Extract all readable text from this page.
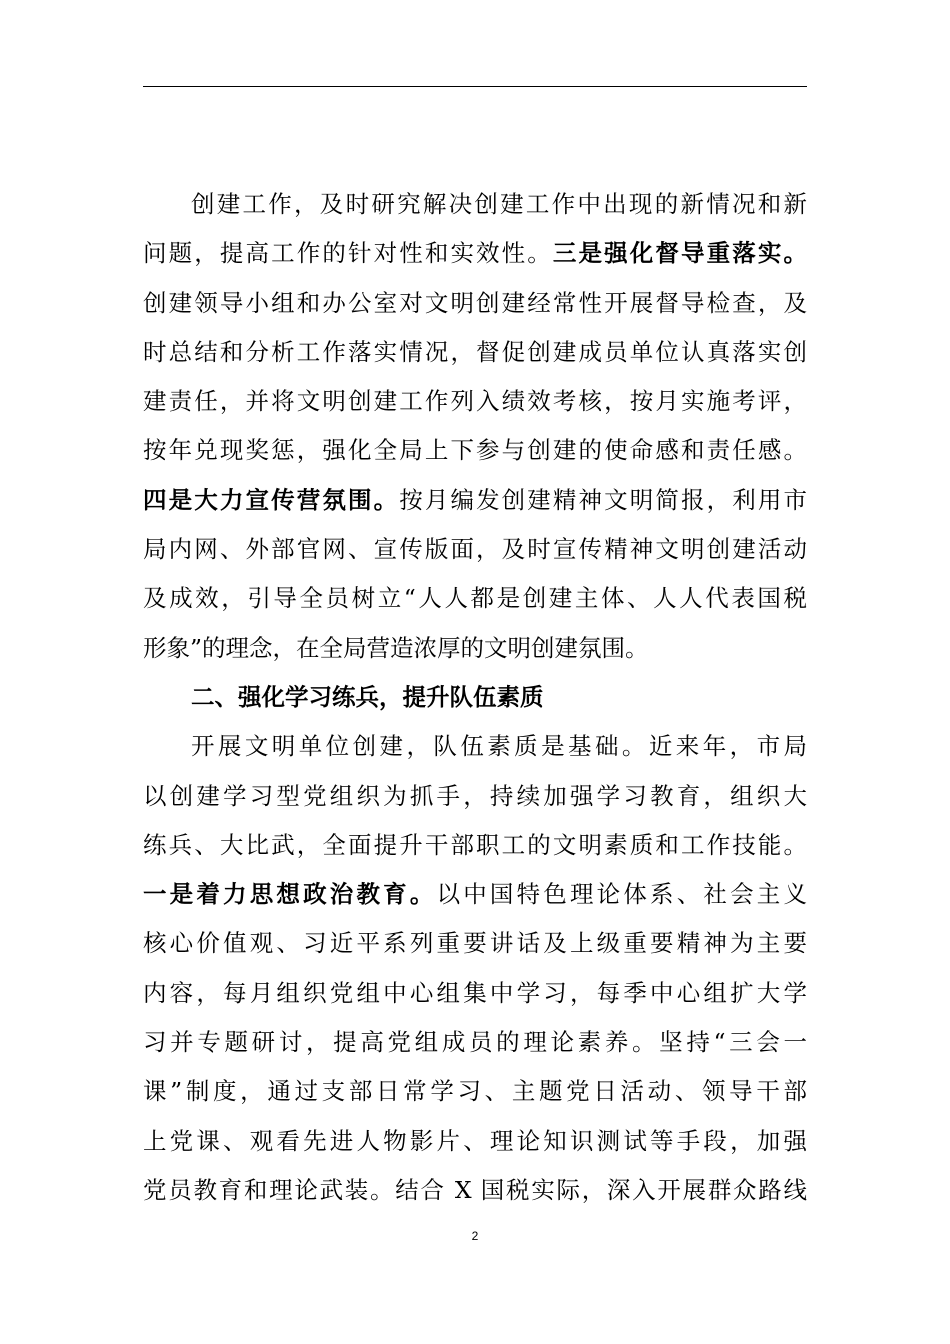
创建工作，及时研究解决创建工作中出现的新情况和新
问题，提高工作的针对性和实效性。三是强化督导重落实。
创建领导小组和办公室对文明创建经常性开展督导检查，及
时总结和分析工作落实情况，督促创建成员单位认真落实创
建责任，并将文明创建工作列入绩效考核，按月实施考评，
按年兑现奖惩，强化全局上下参与创建的使命感和责任感。
四是大力宣传营氛围。按月编发创建精神文明简报，利用市
局内网、外部官网、宣传版面，及时宣传精神文明创建活动
及成效，引导全员树立“人人都是创建主体、人人代表国税
形象”的理念，在全局营造浓厚的文明创建氛围。
二、强化学习练兵，提升队伍素质
开展文明单位创建，队伍素质是基础。近来年，市局
以创建学习型党组织为抓手，持续加强学习教育，组织大
练兵、大比武，全面提升干部职工的文明素质和工作技能。
一是着力思想政治教育。以中国特色理论体系、社会主义
核心价值观、习近平系列重要讲话及上级重要精神为主要
内容，每月组织党组中心组集中学习，每季中心组扩大学
习并专题研讨，提高党组成员的理论素养。坚持“三会一
课”制度，通过支部日常学习、主题党日活动、领导干部
上党课、观看先进人物影片、理论知识测试等手段，加强
党员教育和理论武装。结合 X 国税实际，深入开展群众路线
2
